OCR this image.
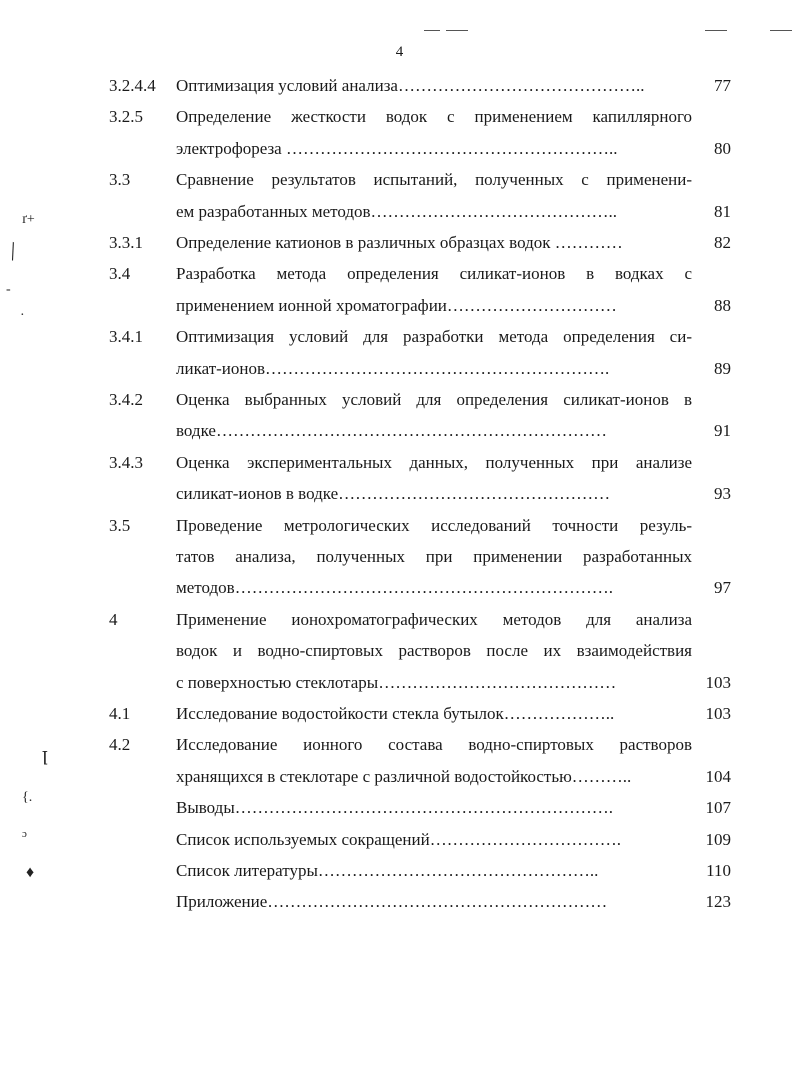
4
ґ+
╲
-
·
ꞁ
{.
ɔ
♦
3.2.4.4 Оптимизация условий анализа……………………………………..	77
3.2.5 Определение жесткости водок с применением капиллярного
электрофореза …………………………………………………..	80
3.3	Сравнение результатов испытаний, полученных с применени-
ем разработанных методов……………………………………..	81
3.3.1 Определение катионов в различных образцах водок …………	82
3.4	Разработка метода определения силикат-ионов в водках с
применением ионной хроматографии…………………………	88
3.4.1 Оптимизация условий для разработки метода определения си-
ликат-ионов…………………………………………………….	89
3.4.2 Оценка выбранных условий для определения силикат-ионов в
водке……………………………………………………………	91
3.4.3 Оценка экспериментальных данных, полученных при анализе
силикат-ионов в водке…………………………………………	93
3.5	Проведение метрологических исследований точности резуль-
татов анализа, полученных при применении разработанных
методов………………………………………………………….	97
4	Применение ионохроматографических методов для анализа
водок и водно-спиртовых растворов после их взаимодействия
с поверхностью стеклотары……………………………………	103
4.1	Исследование водостойкости стекла бутылок………………..	103
4.2	Исследование ионного состава водно-спиртовых растворов
хранящихся в стеклотаре с различной водостойкостью………..	104
Выводы………………………………………………………….	107
Список используемых сокращений…………………………….	109
Список литературы…………………………………………..	110
Приложение……………………………………………………	123
